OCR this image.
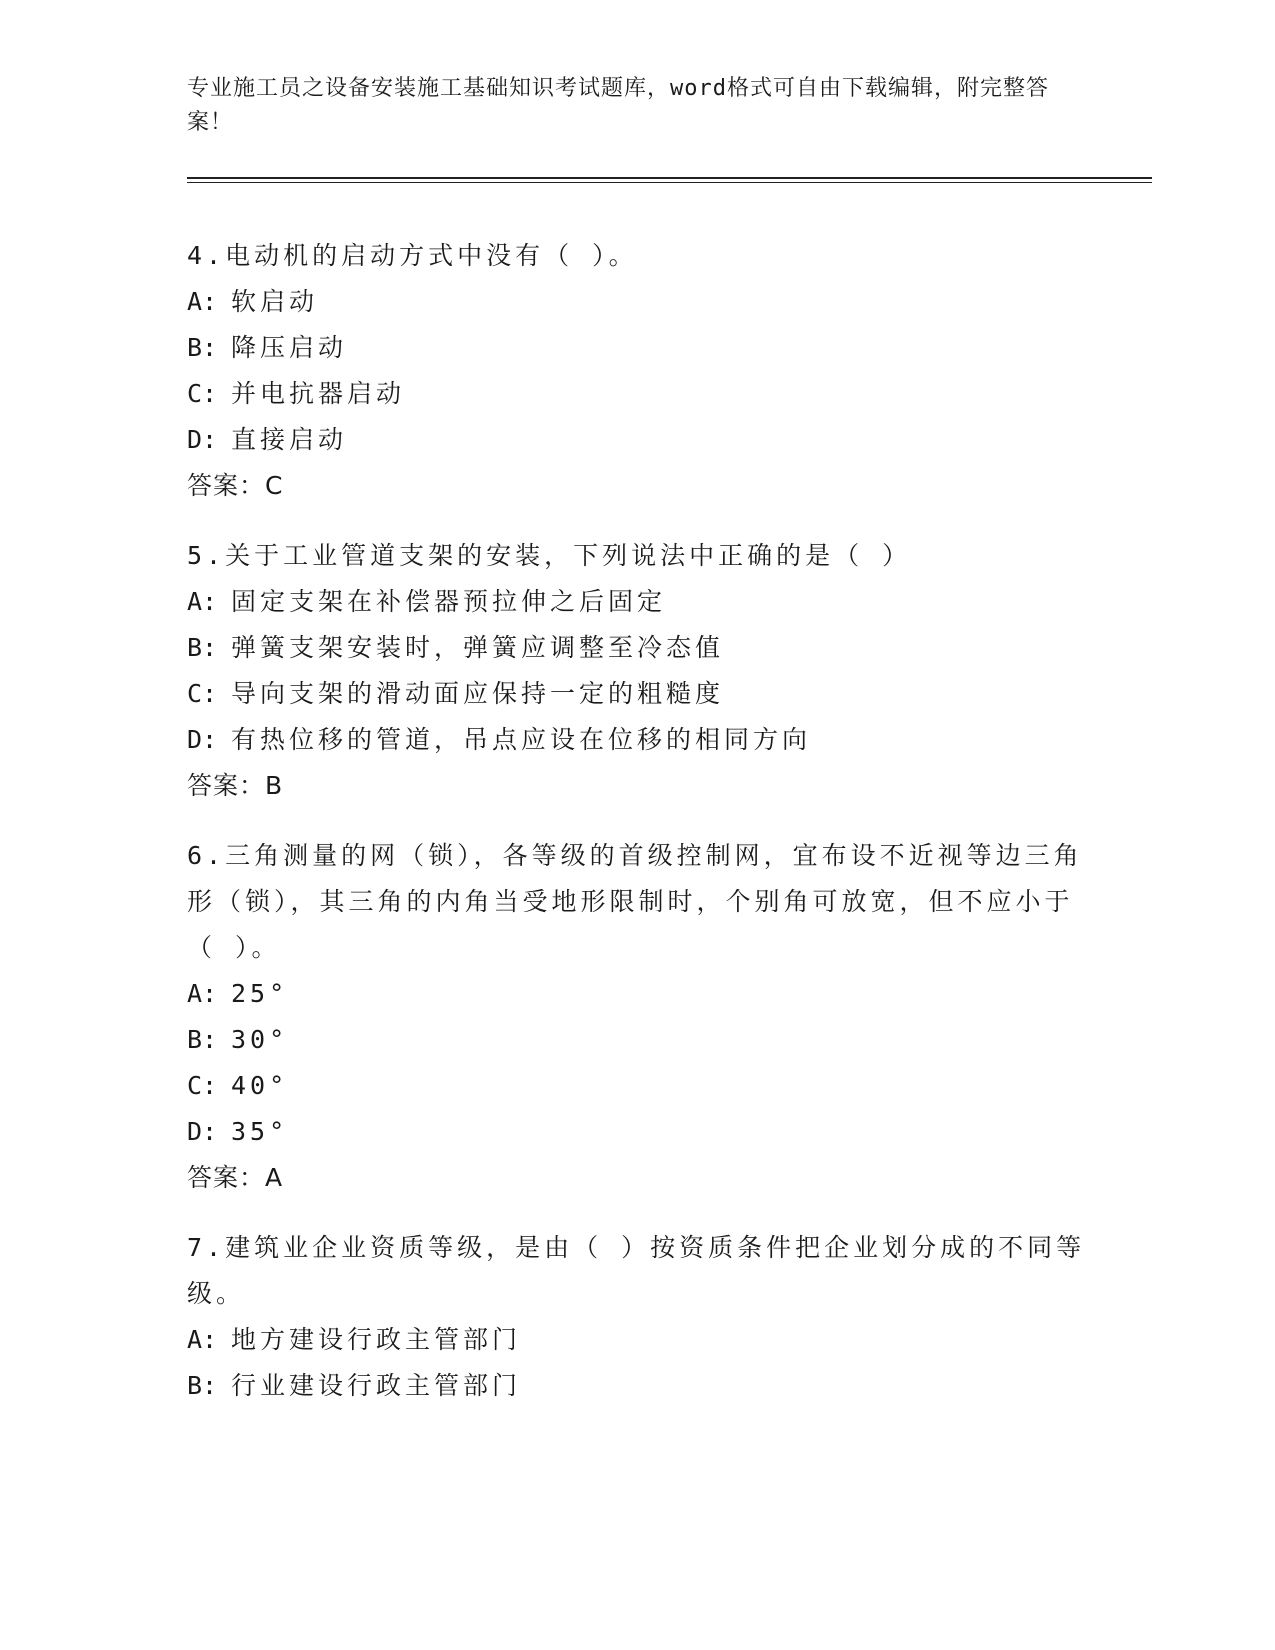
专业施工员之设备安装施工基础知识考试题库，word格式可自由下载编辑，附完整答案！
4.电动机的启动方式中没有（ ）。
A: 软启动
B: 降压启动
C: 并电抗器启动
D: 直接启动
答案：C
5.关于工业管道支架的安装，下列说法中正确的是（ ）
A: 固定支架在补偿器预拉伸之后固定
B: 弹簧支架安装时，弹簧应调整至冷态值
C: 导向支架的滑动面应保持一定的粗糙度
D: 有热位移的管道，吊点应设在位移的相同方向
答案：B
6.三角测量的网（锁），各等级的首级控制网，宜布设不近视等边三角形（锁），其三角的内角当受地形限制时，个别角可放宽，但不应小于（ ）。
A: 25°
B: 30°
C: 40°
D: 35°
答案：A
7.建筑业企业资质等级，是由（ ）按资质条件把企业划分成的不同等级。
A: 地方建设行政主管部门
B: 行业建设行政主管部门
